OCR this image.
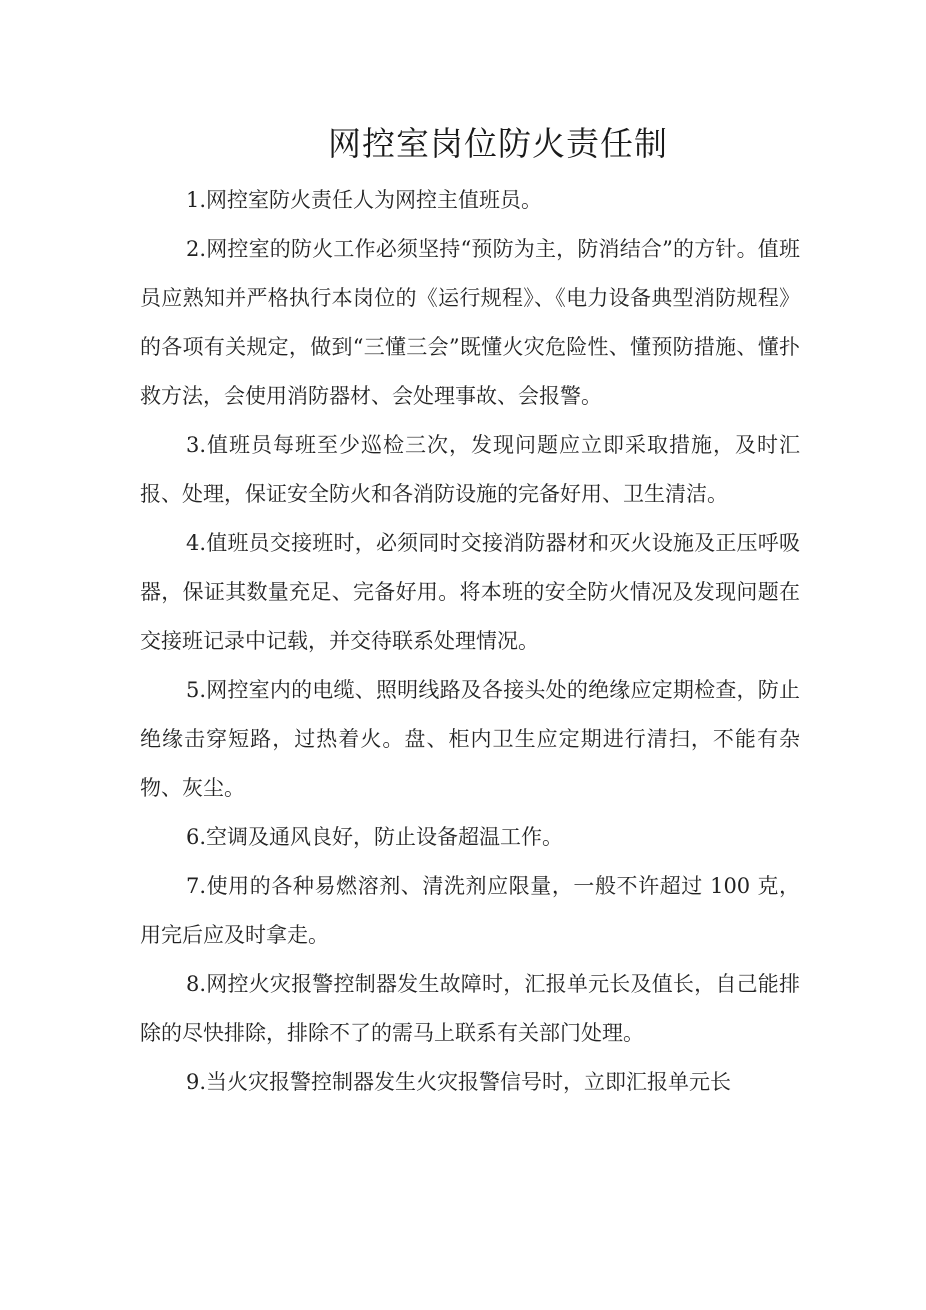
网控室岗位防火责任制

1.网控室防火责任人为网控主值班员。

2.网控室的防火工作必须坚持“预防为主，防消结合”的方针。值班员应熟知并严格执行本岗位的《运行规程》、《电力设备典型消防规程》的各项有关规定，做到“三懂三会”既懂火灾危险性、懂预防措施、懂扑救方法，会使用消防器材、会处理事故、会报警。

3.值班员每班至少巡检三次，发现问题应立即采取措施，及时汇报、处理，保证安全防火和各消防设施的完备好用、卫生清洁。

4.值班员交接班时，必须同时交接消防器材和灭火设施及正压呼吸器，保证其数量充足、完备好用。将本班的安全防火情况及发现问题在交接班记录中记载，并交待联系处理情况。

5.网控室内的电缆、照明线路及各接头处的绝缘应定期检查，防止绝缘击穿短路，过热着火。盘、柜内卫生应定期进行清扫，不能有杂物、灰尘。

6.空调及通风良好，防止设备超温工作。

7.使用的各种易燃溶剂、清洗剂应限量，一般不许超过 100 克，用完后应及时拿走。

8.网控火灾报警控制器发生故障时，汇报单元长及值长，自己能排除的尽快排除，排除不了的需马上联系有关部门处理。

9.当火灾报警控制器发生火灾报警信号时，立即汇报单元长
